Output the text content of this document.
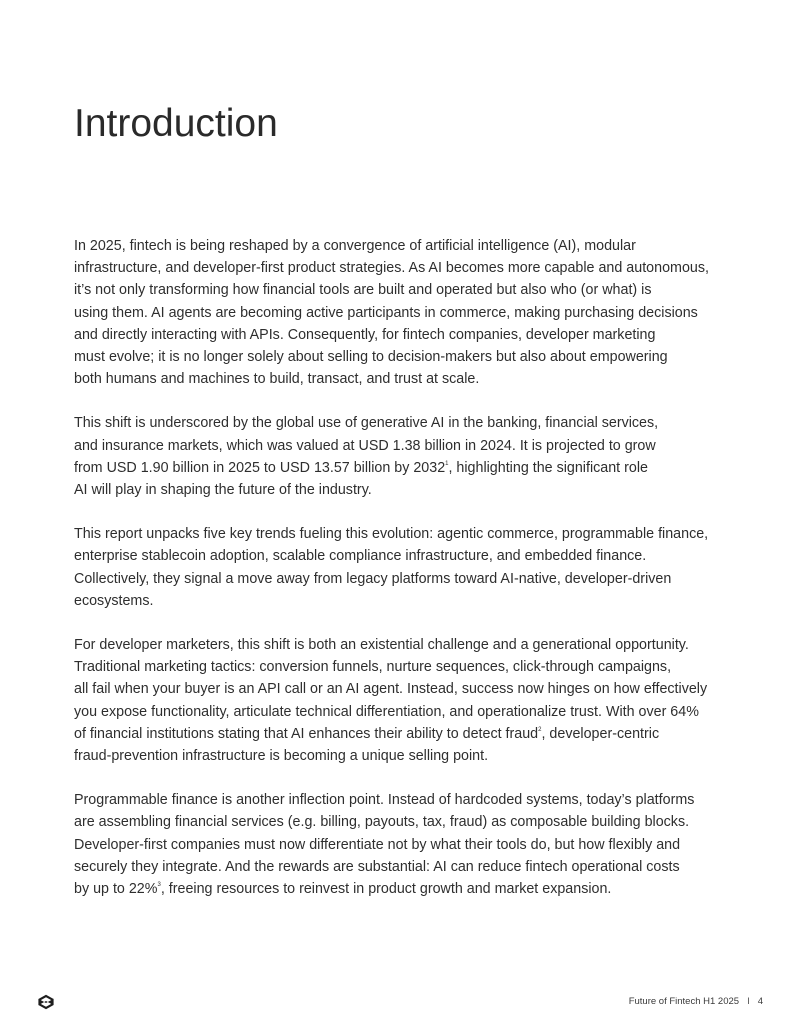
Introduction

In 2025, fintech is being reshaped by a convergence of artificial intelligence (AI), modular
infrastructure, and developer-first product strategies. As AI becomes more capable and autonomous,
it’s not only transforming how financial tools are built and operated but also who (or what) is
using them. AI agents are becoming active participants in commerce, making purchasing decisions
and directly interacting with APIs. Consequently, for fintech companies, developer marketing
must evolve; it is no longer solely about selling to decision-makers but also about empowering
both humans and machines to build, transact, and trust at scale.

This shift is underscored by the global use of generative AI in the banking, financial services,
and insurance markets, which was valued at USD 1.38 billion in 2024. It is projected to grow
from USD 1.90 billion in 2025 to USD 13.57 billion by 2032$^1$, highlighting the significant role
AI will play in shaping the future of the industry.

This report unpacks five key trends fueling this evolution: agentic commerce, programmable finance,
enterprise stablecoin adoption, scalable compliance infrastructure, and embedded finance.
Collectively, they signal a move away from legacy platforms toward AI-native, developer-driven
ecosystems.

For developer marketers, this shift is both an existential challenge and a generational opportunity.
Traditional marketing tactics: conversion funnels, nurture sequences, click-through campaigns,
all fail when your buyer is an API call or an AI agent. Instead, success now hinges on how effectively
you expose functionality, articulate technical differentiation, and operationalize trust. With over 64%
of financial institutions stating that AI enhances their ability to detect fraud$^2$, developer-centric
fraud-prevention infrastructure is becoming a unique selling point.

Programmable finance is another inflection point. Instead of hardcoded systems, today’s platforms
are assembling financial services (e.g. billing, payouts, tax, fraud) as composable building blocks.
Developer-first companies must now differentiate not by what their tools do, but how flexibly and
securely they integrate. And the rewards are substantial: AI can reduce fintech operational costs
by up to 22%$^3$, freeing resources to reinvest in product growth and market expansion.

Future of Fintech H1 2025 I 4
